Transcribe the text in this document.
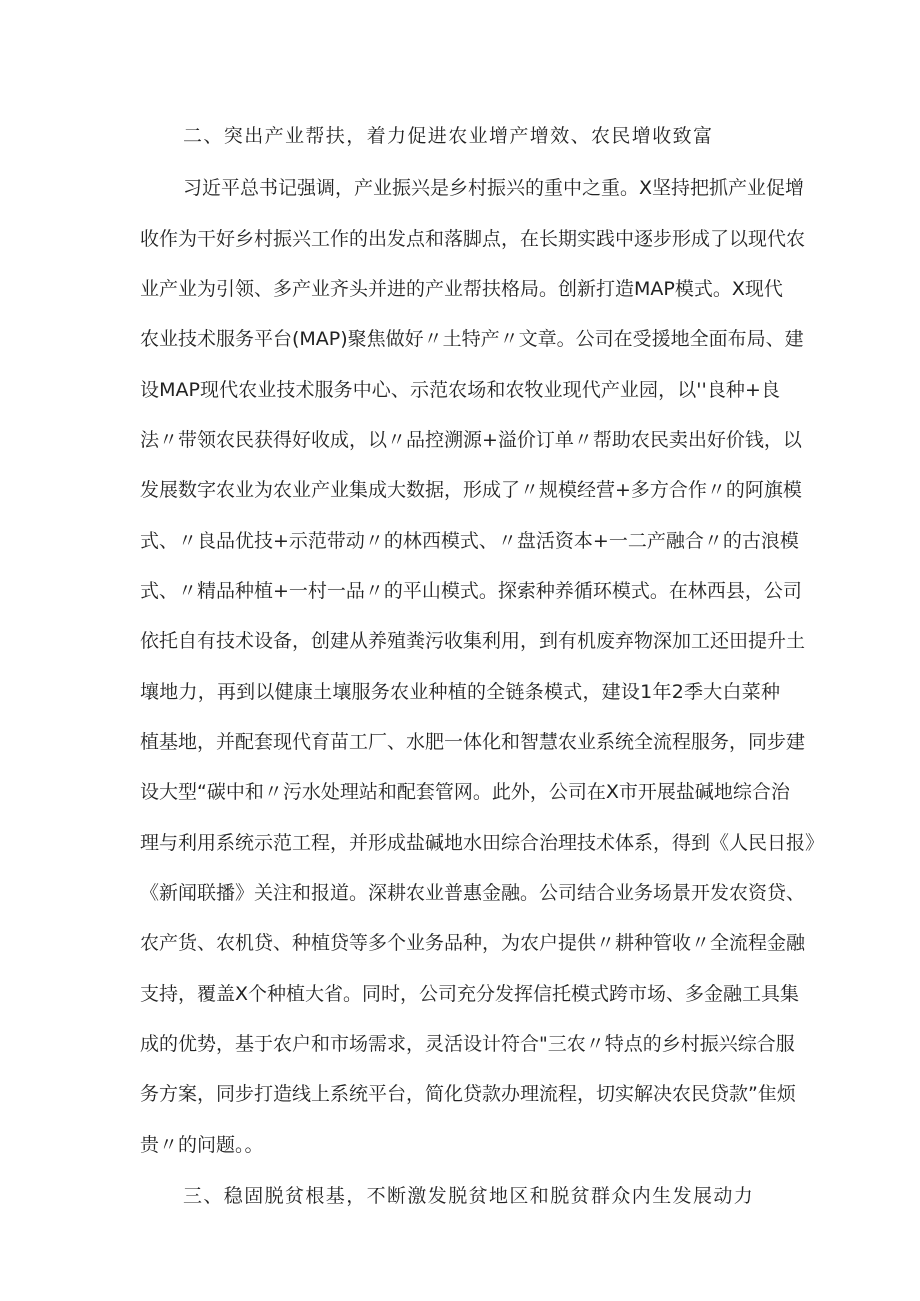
二、突出产业帮扶，着力促进农业增产增效、农民增收致富
习近平总书记强调，产业振兴是乡村振兴的重中之重。X坚持把抓产业促增
收作为干好乡村振兴工作的出发点和落脚点，在长期实践中逐步形成了以现代农
业产业为引领、多产业齐头并进的产业帮扶格局。创新打造MAP模式。X现代
农业技术服务平台(MAP)聚焦做好〃土特产〃文章。公司在受援地全面布局、建
设MAP现代农业技术服务中心、示范农场和农牧业现代产业园，以''良种+良
法〃带领农民获得好收成，以〃品控溯源+溢价订单〃帮助农民卖出好价钱，以
发展数字农业为农业产业集成大数据，形成了〃规模经营+多方合作〃的阿旗模
式、〃良品优技+示范带动〃的林西模式、〃盘活资本+一二产融合〃的古浪模
式、〃精品种植+一村一品〃的平山模式。探索种养循环模式。在林西县，公司
依托自有技术设备，创建从养殖粪污收集利用，到有机废弃物深加工还田提升土
壤地力，再到以健康土壤服务农业种植的全链条模式，建设1年2季大白菜种
植基地，并配套现代育苗工厂、水肥一体化和智慧农业系统全流程服务，同步建
设大型“碳中和〃污水处理站和配套管网。此外，公司在X市开展盐碱地综合治
理与利用系统示范工程，并形成盐碱地水田综合治理技术体系，得到《人民日报》
《新闻联播》关注和报道。深耕农业普惠金融。公司结合业务场景开发农资贷、
农产货、农机贷、种植贷等多个业务品种，为农户提供〃耕种管收〃全流程金融
支持，覆盖X个种植大省。同时，公司充分发挥信托模式跨市场、多金融工具集
成的优势，基于农户和市场需求，灵活设计符合"三农〃特点的乡村振兴综合服
务方案，同步打造线上系统平台，简化贷款办理流程，切实解决农民贷款”隹烦
贵〃的问题。。
三、稳固脱贫根基，不断激发脱贫地区和脱贫群众内生发展动力
